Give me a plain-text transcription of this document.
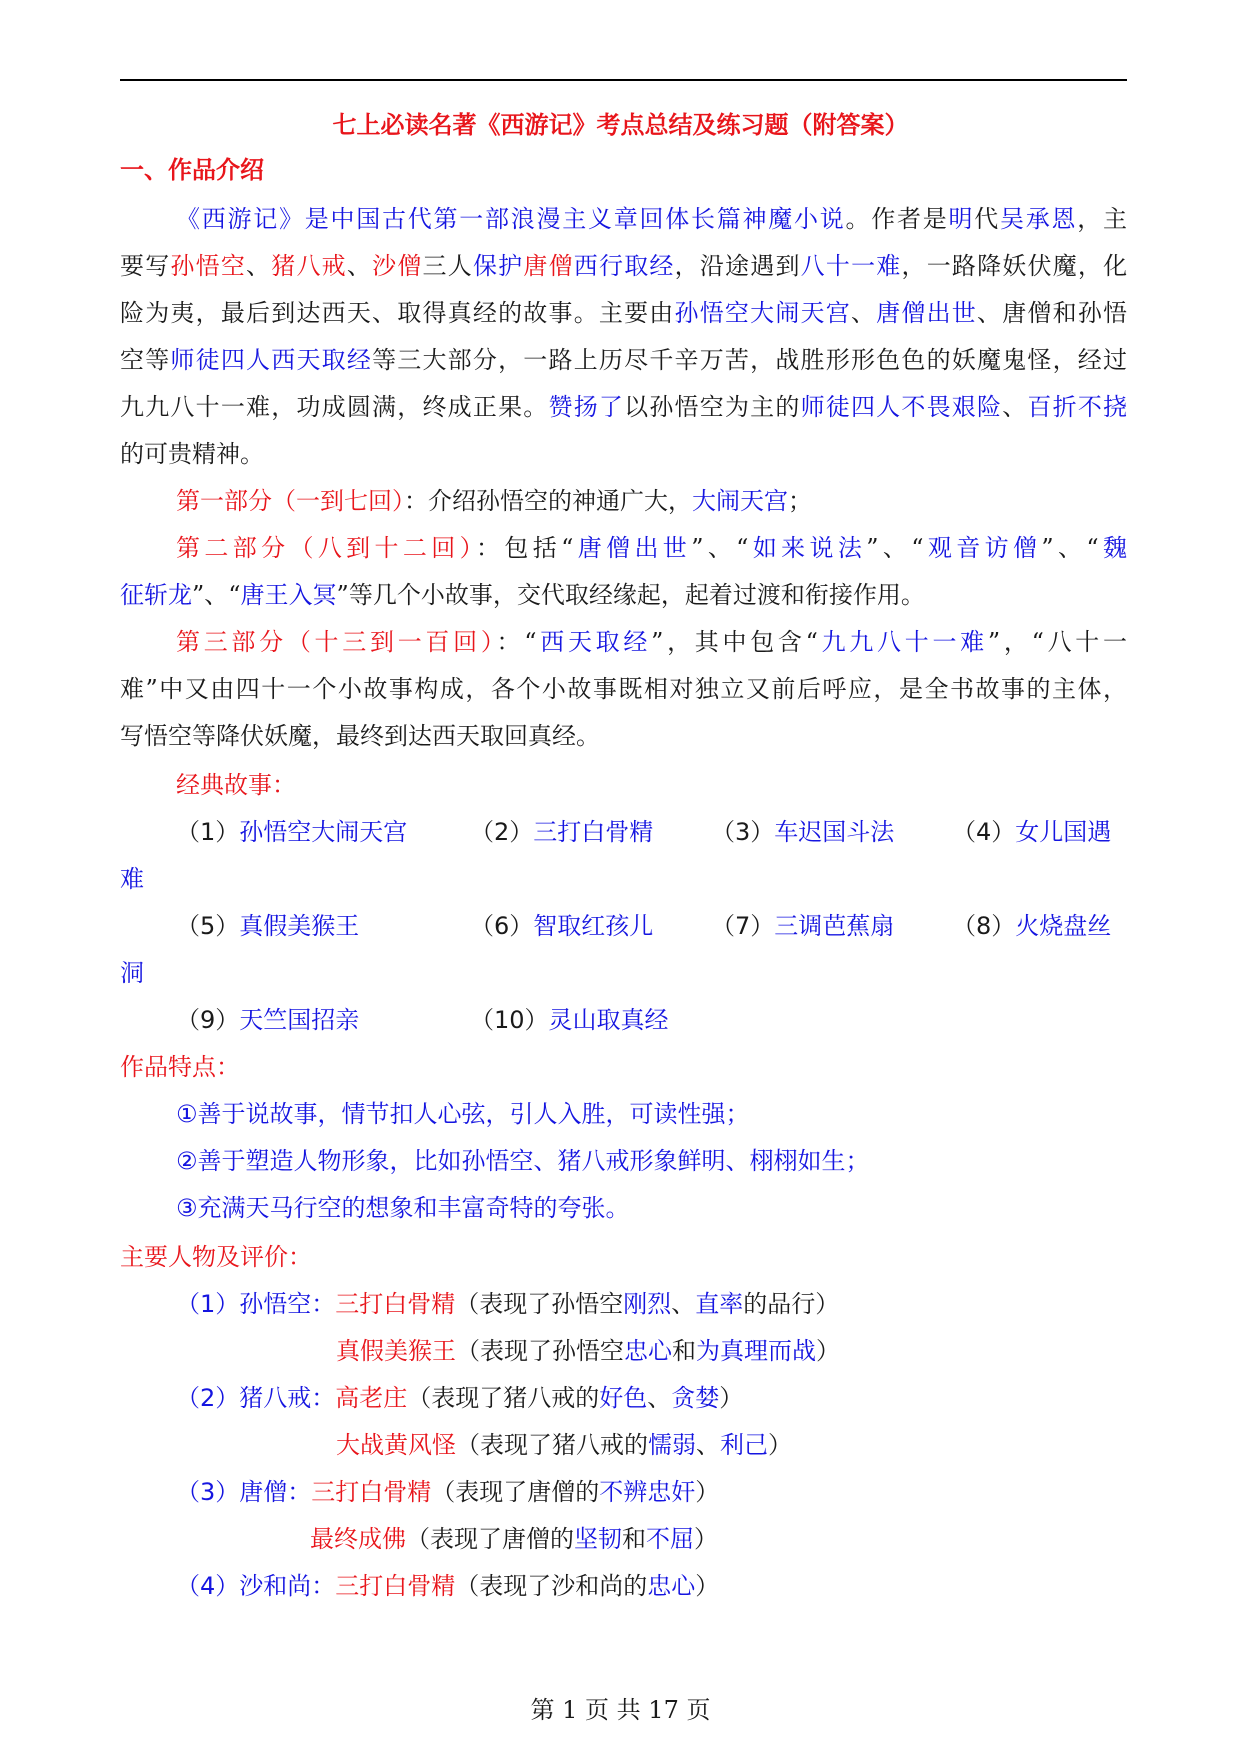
七上必读名著《西游记》考点总结及练习题（附答案）
一、作品介绍
《西游记》是中国古代第一部浪漫主义章回体长篇神魔小说。作者是明代吴承恩，主
要写孙悟空、猪八戒、沙僧三人保护唐僧西行取经，沿途遇到八十一难，一路降妖伏魔，化
险为夷，最后到达西天、取得真经的故事。主要由孙悟空大闹天宫、唐僧出世、唐僧和孙悟
空等师徒四人西天取经等三大部分，一路上历尽千辛万苦，战胜形形色色的妖魔鬼怪，经过
九九八十一难，功成圆满，终成正果。赞扬了以孙悟空为主的师徒四人不畏艰险、百折不挠
的可贵精神。
第一部分（一到七回）：介绍孙悟空的神通广大，大闹天宫；
第二部分（八到十二回）：包括“唐僧出世”、“如来说法”、“观音访僧”、“魏
征斩龙”、“唐王入冥”等几个小故事，交代取经缘起，起着过渡和衔接作用。
第三部分（十三到一百回）：“西天取经”，其中包含“九九八十一难”，“八十一
难”中又由四十一个小故事构成，各个小故事既相对独立又前后呼应，是全书故事的主体，
写悟空等降伏妖魔，最终到达西天取回真经。
经典故事：
（1）孙悟空大闹天宫	（2）三打白骨精 （3）车迟国斗法 （4）女儿国遇
难
（5）真假美猴王	（6）智取红孩儿 （7）三调芭蕉扇 （8）火烧盘丝
洞
（9）天竺国招亲	（10）灵山取真经
作品特点：
①善于说故事，情节扣人心弦，引人入胜，可读性强；
②善于塑造人物形象，比如孙悟空、猪八戒形象鲜明、栩栩如生；
③充满天马行空的想象和丰富奇特的夸张。
主要人物及评价：
（1）孙悟空：三打白骨精（表现了孙悟空刚烈、直率的品行）
真假美猴王（表现了孙悟空忠心和为真理而战）
（2）猪八戒：高老庄（表现了猪八戒的好色、贪婪）
大战黄风怪（表现了猪八戒的懦弱、利己）
（3）唐僧：三打白骨精（表现了唐僧的不辨忠奸）
最终成佛（表现了唐僧的坚韧和不屈）
（4）沙和尚：三打白骨精（表现了沙和尚的忠心）
第 1 页 共 17 页
